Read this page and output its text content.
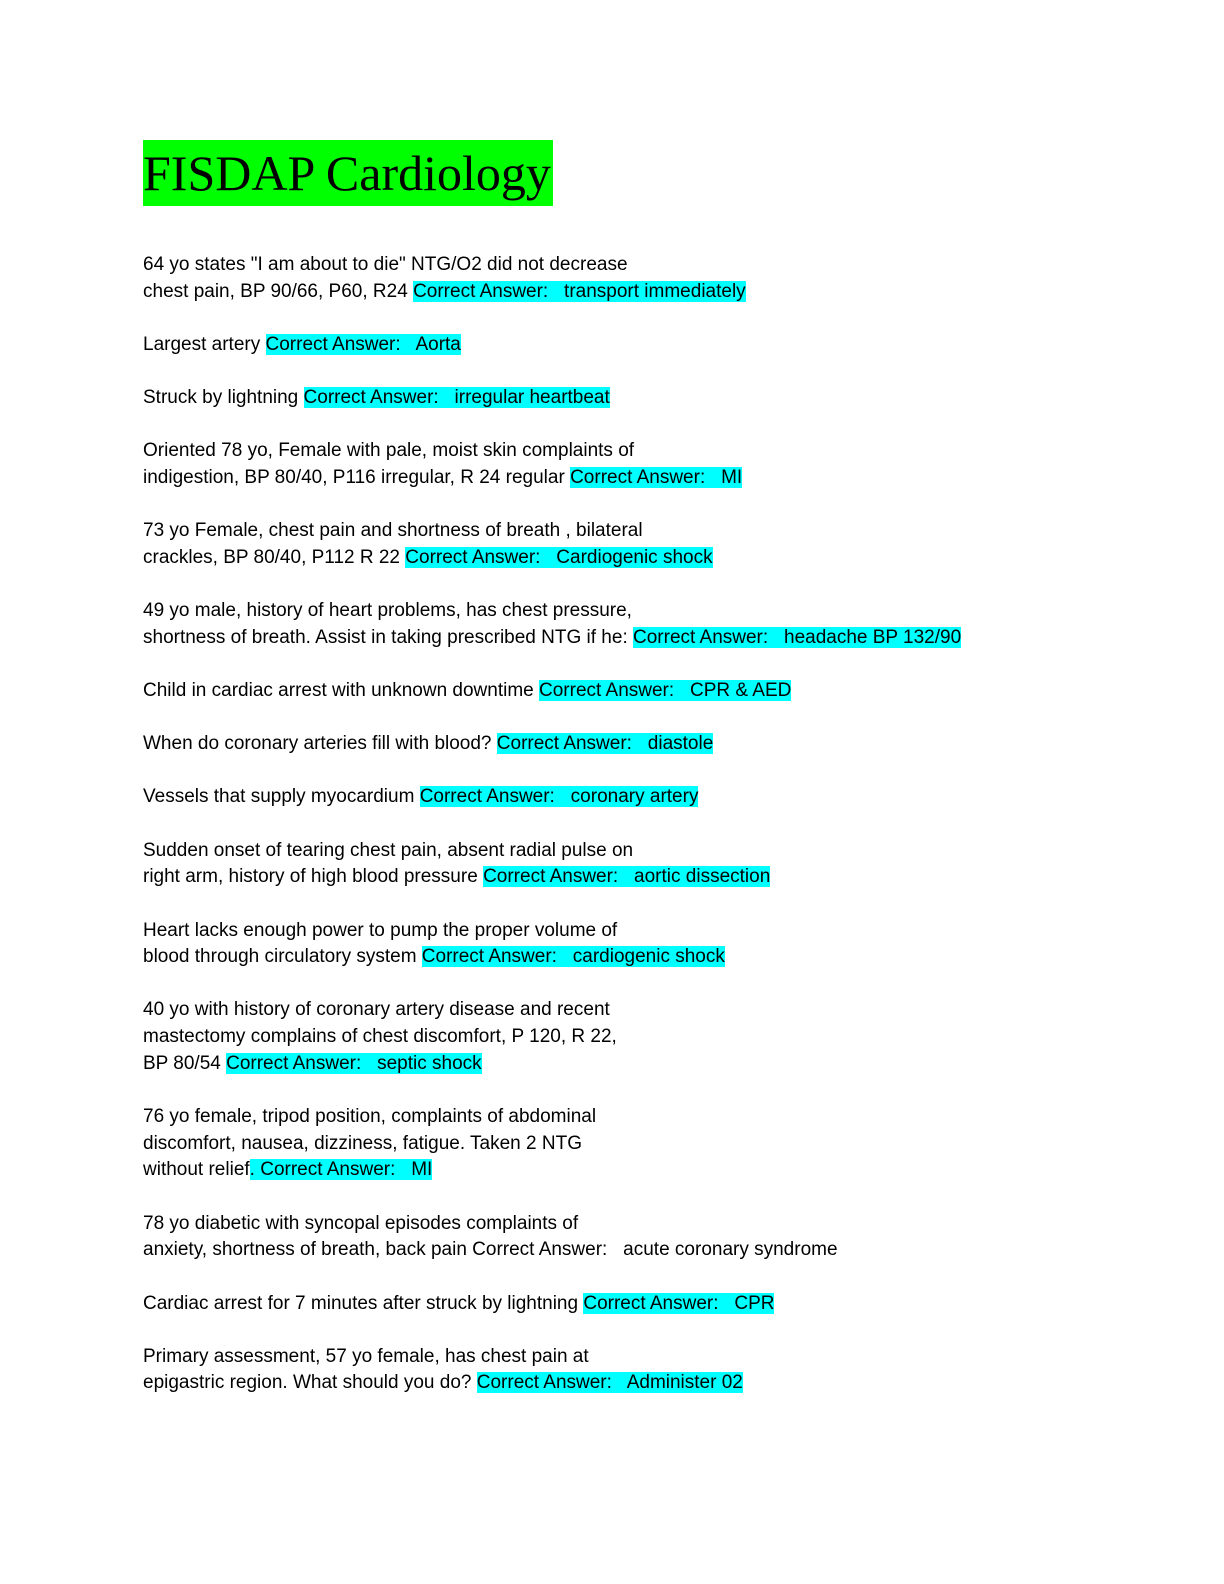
FISDAP Cardiology
64 yo states "I am about to die" NTG/O2 did not decrease
chest pain, BP 90/66, P60, R24 Correct Answer:   transport immediately
Largest artery Correct Answer:   Aorta
Struck by lightning Correct Answer:   irregular heartbeat
Oriented 78 yo, Female with pale, moist skin complaints of
indigestion, BP 80/40, P116 irregular, R 24 regular Correct Answer:   MI
73 yo Female, chest pain and shortness of breath , bilateral
crackles, BP 80/40, P112 R 22 Correct Answer:   Cardiogenic shock
49 yo male, history of heart problems, has chest pressure,
shortness of breath. Assist in taking prescribed NTG if he: Correct Answer:   headache BP 132/90
Child in cardiac arrest with unknown downtime Correct Answer:   CPR & AED
When do coronary arteries fill with blood? Correct Answer:   diastole
Vessels that supply myocardium Correct Answer:   coronary artery
Sudden onset of tearing chest pain, absent radial pulse on
right arm, history of high blood pressure Correct Answer:   aortic dissection
Heart lacks enough power to pump the proper volume of
blood through circulatory system Correct Answer:   cardiogenic shock
40 yo with history of coronary artery disease and recent
mastectomy complains of chest discomfort, P 120, R 22,
BP 80/54 Correct Answer:   septic shock
76 yo female, tripod position, complaints of abdominal
discomfort, nausea, dizziness, fatigue. Taken 2 NTG
without relief. Correct Answer:   MI
78 yo diabetic with syncopal episodes complaints of
anxiety, shortness of breath, back pain Correct Answer:   acute coronary syndrome
Cardiac arrest for 7 minutes after struck by lightning Correct Answer:   CPR
Primary assessment, 57 yo female, has chest pain at
epigastric region. What should you do? Correct Answer:   Administer 02
